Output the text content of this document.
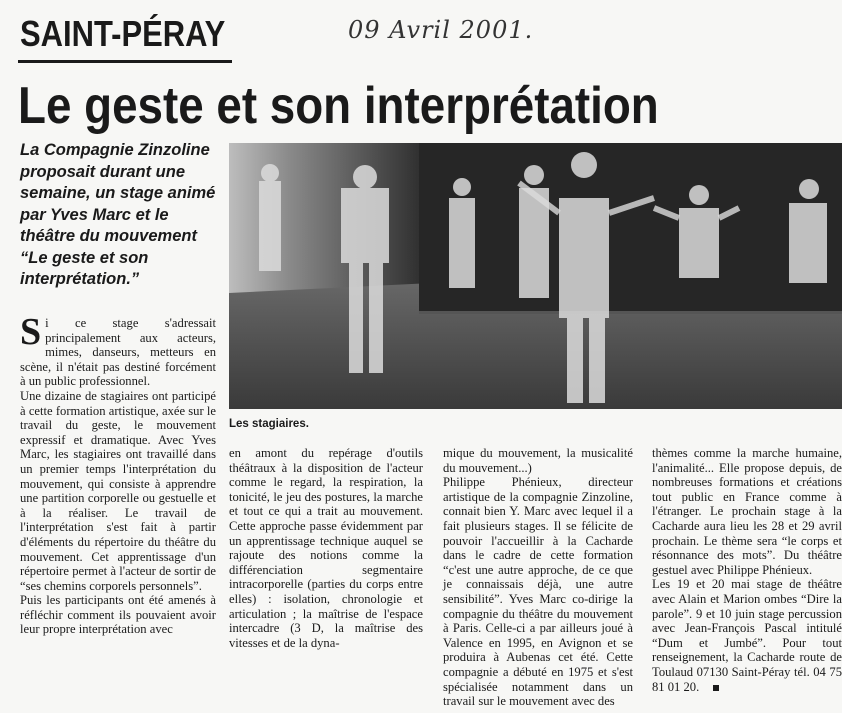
SAINT-PÉRAY	09 Avril 2001.
Le geste et son interprétation
La Compagnie Zinzoline proposait durant une semaine, un stage animé par Yves Marc et le théâtre du mouvement “Le geste et son interprétation.”
Les stagiaires.

Si ce stage s'adressait principalement aux acteurs, mimes, danseurs, metteurs en scène, il n'était pas destiné forcément à un public professionnel.

Une dizaine de stagiaires ont participé à cette formation artistique, axée sur le travail du geste, le mouvement expressif et dramatique. Avec Yves Marc, les stagiaires ont travaillé dans un premier temps l'interprétation du mouvement, qui consiste à apprendre une partition corporelle ou gestuelle et à la réaliser. Le travail de l'interprétation s'est fait à partir d'éléments du répertoire du théâtre du mouvement. Cet apprentissage d'un répertoire permet à l'acteur de sortir de “ses chemins corporels personnels”.

Puis les participants ont été amenés à réfléchir comment ils pouvaient avoir leur propre interprétation avec

en amont du repérage d'outils théâtraux à la disposition de l'acteur comme le regard, la respiration, la tonicité, le jeu des postures, la marche et tout ce qui a trait au mouvement. Cette approche passe évidemment par un apprentissage technique auquel se rajoute des notions comme la différenciation segmentaire intracorporelle (parties du corps entre elles) : isolation, chronologie et articulation ; la maîtrise de l'espace intercadre (3 D, la maîtrise des vitesses et de la dyna-

mique du mouvement, la musicalité du mouvement...)

Philippe Phénieux, directeur artistique de la compagnie Zinzoline, connait bien Y. Marc avec lequel il a fait plusieurs stages. Il se félicite de pouvoir l'accueillir à la Cacharde dans le cadre de cette formation “c'est une autre approche, de ce que je connaissais déjà, une autre sensibilité”. Yves Marc co-dirige la compagnie du théâtre du mouvement à Paris. Celle-ci a par ailleurs joué à Valence en 1995, en Avignon et se produira à Aubenas cet été. Cette compagnie a débuté en 1975 et s'est spécialisée notamment dans un travail sur le mouvement avec des

thèmes comme la marche humaine, l'animalité... Elle propose depuis, de nombreuses formations et créations tout public en France comme à l'étranger. Le prochain stage à la Cacharde aura lieu les 28 et 29 avril prochain. Le thème sera “le corps et résonnance des mots”. Du théâtre gestuel avec Philippe Phénieux.

Les 19 et 20 mai stage de théâtre avec Alain et Marion ombes “Dire la parole”. 9 et 10 juin stage percussion avec Jean-François Pascal intitulé “Dum et Jumbé”. Pour tout renseignement, la Cacharde route de Toulaud 07130 Saint-Péray tél. 04 75 81 01 20.
